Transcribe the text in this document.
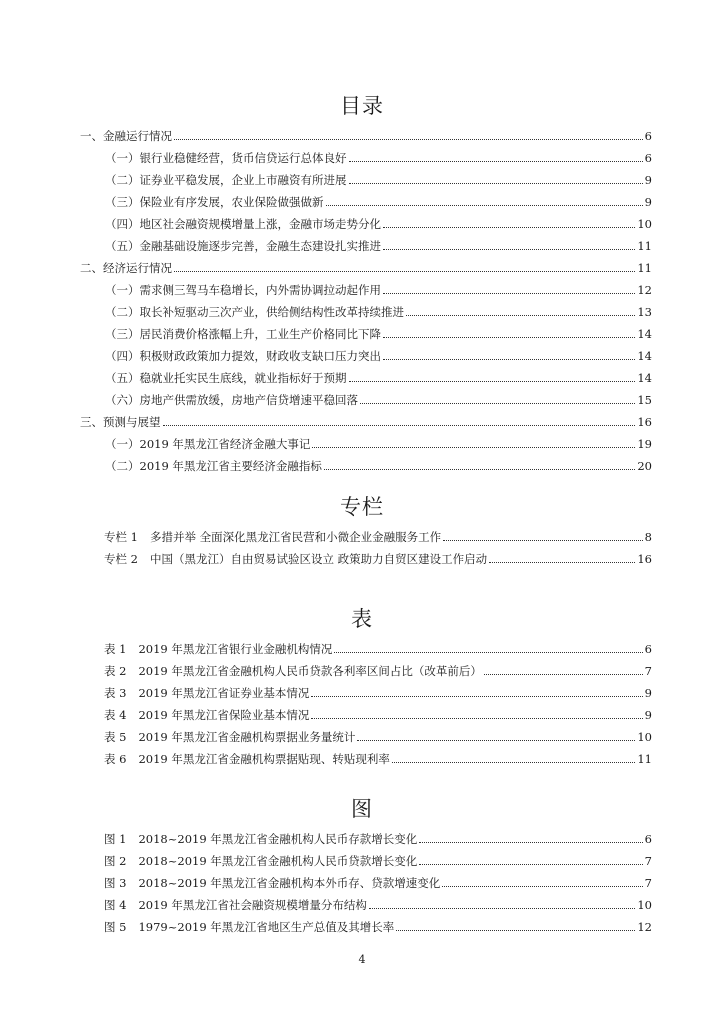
目录
一、金融运行情况	6
（一）银行业稳健经营，货币信贷运行总体良好	6
（二）证券业平稳发展，企业上市融资有所进展	9
（三）保险业有序发展，农业保险做强做新	9
（四）地区社会融资规模增量上涨，金融市场走势分化	10
（五）金融基础设施逐步完善，金融生态建设扎实推进	11
二、经济运行情况	11
（一）需求侧三驾马车稳增长，内外需协调拉动起作用	12
（二）取长补短驱动三次产业，供给侧结构性改革持续推进	13
（三）居民消费价格涨幅上升，工业生产价格同比下降	14
（四）积极财政政策加力提效，财政收支缺口压力突出	14
（五）稳就业托实民生底线，就业指标好于预期	14
（六）房地产供需放缓，房地产信贷增速平稳回落	15
三、预测与展望	16
（一）2019 年黑龙江省经济金融大事记	19
（二）2019 年黑龙江省主要经济金融指标	20
专栏
专栏 1 多措并举 全面深化黑龙江省民营和小微企业金融服务工作	8
专栏 2 中国（黑龙江）自由贸易试验区设立 政策助力自贸区建设工作启动	16
表
表 1 2019 年黑龙江省银行业金融机构情况	6
表 2 2019 年黑龙江省金融机构人民币贷款各利率区间占比（改革前后）	7
表 3 2019 年黑龙江省证券业基本情况	9
表 4 2019 年黑龙江省保险业基本情况	9
表 5 2019 年黑龙江省金融机构票据业务量统计	10
表 6 2019 年黑龙江省金融机构票据贴现、转贴现利率	11
图
图 1 2018~2019 年黑龙江省金融机构人民币存款增长变化	6
图 2 2018~2019 年黑龙江省金融机构人民币贷款增长变化	7
图 3 2018~2019 年黑龙江省金融机构本外币存、贷款增速变化	7
图 4 2019 年黑龙江省社会融资规模增量分布结构	10
图 5 1979~2019 年黑龙江省地区生产总值及其增长率	12
4
